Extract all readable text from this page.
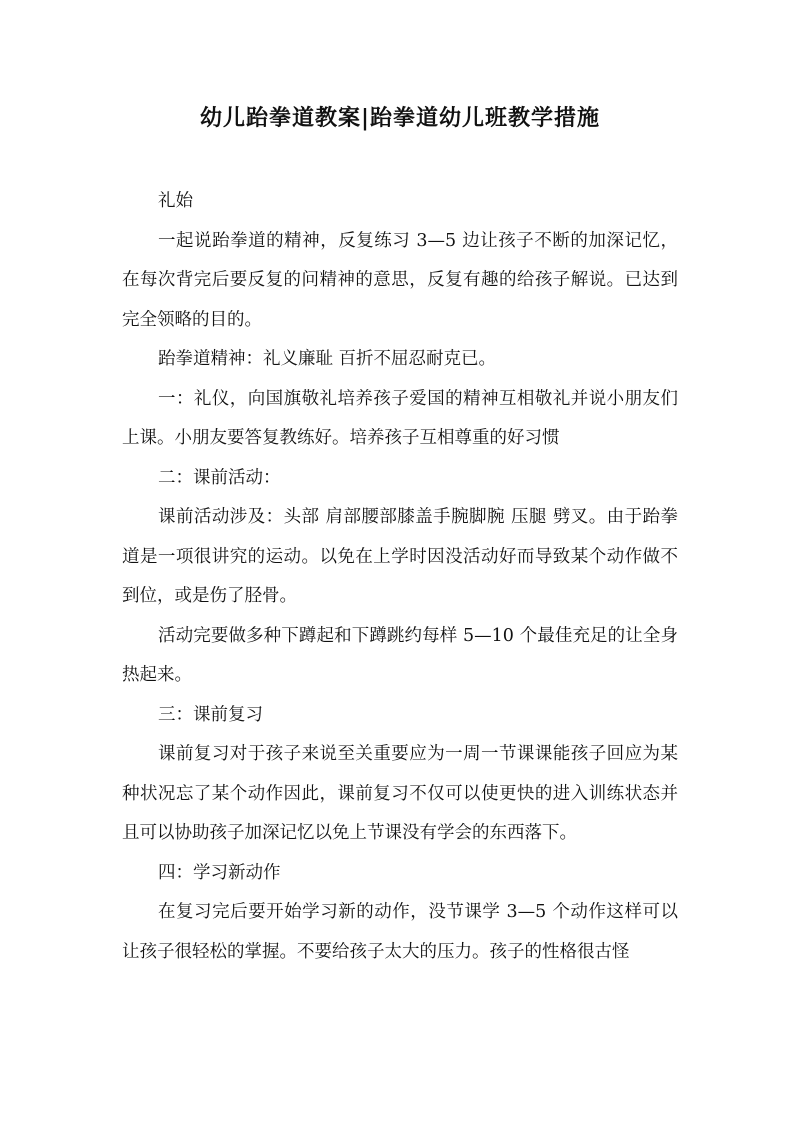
幼儿跆拳道教案|跆拳道幼儿班教学措施

礼始

一起说跆拳道的精神，反复练习 3—5 边让孩子不断的加深记忆，在每次背完后要反复的问精神的意思，反复有趣的给孩子解说。已达到完全领略的目的。

跆拳道精神：礼义廉耻 百折不屈忍耐克已。

一：礼仪，向国旗敬礼培养孩子爱国的精神互相敬礼并说小朋友们上课。小朋友要答复教练好。培养孩子互相尊重的好习惯

二：课前活动：

课前活动涉及：头部 肩部腰部膝盖手腕脚腕 压腿 劈叉。由于跆拳道是一项很讲究的运动。以免在上学时因没活动好而导致某个动作做不到位，或是伤了胫骨。

活动完要做多种下蹲起和下蹲跳约每样 5—10 个最佳充足的让全身热起来。

三：课前复习

课前复习对于孩子来说至关重要应为一周一节课课能孩子回应为某种状况忘了某个动作因此，课前复习不仅可以使更快的进入训练状态并且可以协助孩子加深记忆以免上节课没有学会的东西落下。

四：学习新动作

在复习完后要开始学习新的动作，没节课学 3—5 个动作这样可以让孩子很轻松的掌握。不要给孩子太大的压力。孩子的性格很古怪
